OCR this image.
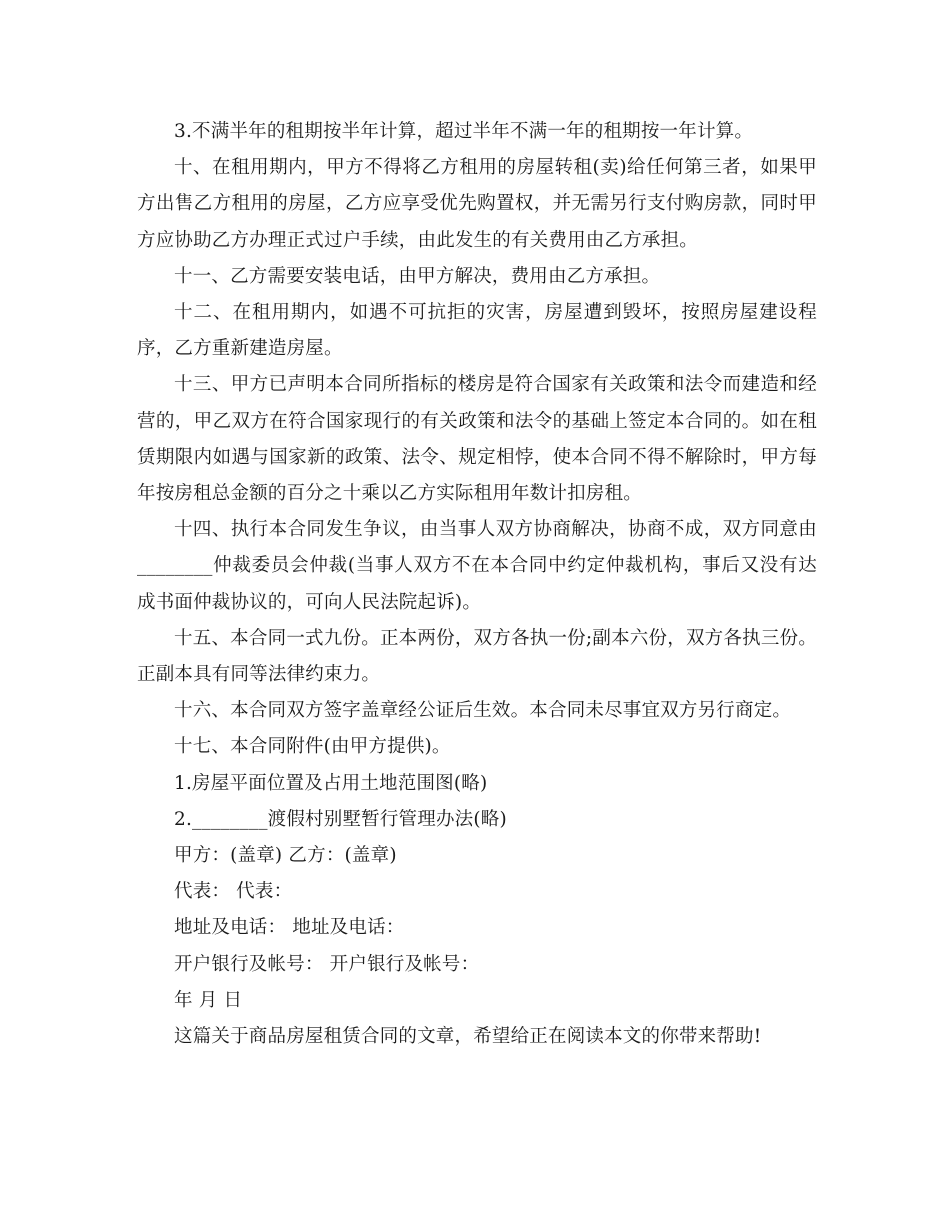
3.不满半年的租期按半年计算，超过半年不满一年的租期按一年计算。

十、在租用期内，甲方不得将乙方租用的房屋转租(卖)给任何第三者，如果甲方出售乙方租用的房屋，乙方应享受优先购置权，并无需另行支付购房款，同时甲方应协助乙方办理正式过户手续，由此发生的有关费用由乙方承担。

十一、乙方需要安装电话，由甲方解决，费用由乙方承担。

十二、在租用期内，如遇不可抗拒的灾害，房屋遭到毁坏，按照房屋建设程序，乙方重新建造房屋。

十三、甲方已声明本合同所指标的楼房是符合国家有关政策和法令而建造和经营的，甲乙双方在符合国家现行的有关政策和法令的基础上签定本合同的。如在租赁期限内如遇与国家新的政策、法令、规定相悖，使本合同不得不解除时，甲方每年按房租总金额的百分之十乘以乙方实际租用年数计扣房租。

十四、执行本合同发生争议，由当事人双方协商解决，协商不成，双方同意由________仲裁委员会仲裁(当事人双方不在本合同中约定仲裁机构，事后又没有达成书面仲裁协议的，可向人民法院起诉)。

十五、本合同一式九份。正本两份，双方各执一份;副本六份，双方各执三份。正副本具有同等法律约束力。

十六、本合同双方签字盖章经公证后生效。本合同未尽事宜双方另行商定。

十七、本合同附件(由甲方提供)。

1.房屋平面位置及占用土地范围图(略)

2.________渡假村别墅暂行管理办法(略)

甲方：(盖章) 乙方：(盖章)

代表： 代表：

地址及电话： 地址及电话：

开户银行及帐号： 开户银行及帐号：

年 月 日

这篇关于商品房屋租赁合同的文章，希望给正在阅读本文的你带来帮助!
